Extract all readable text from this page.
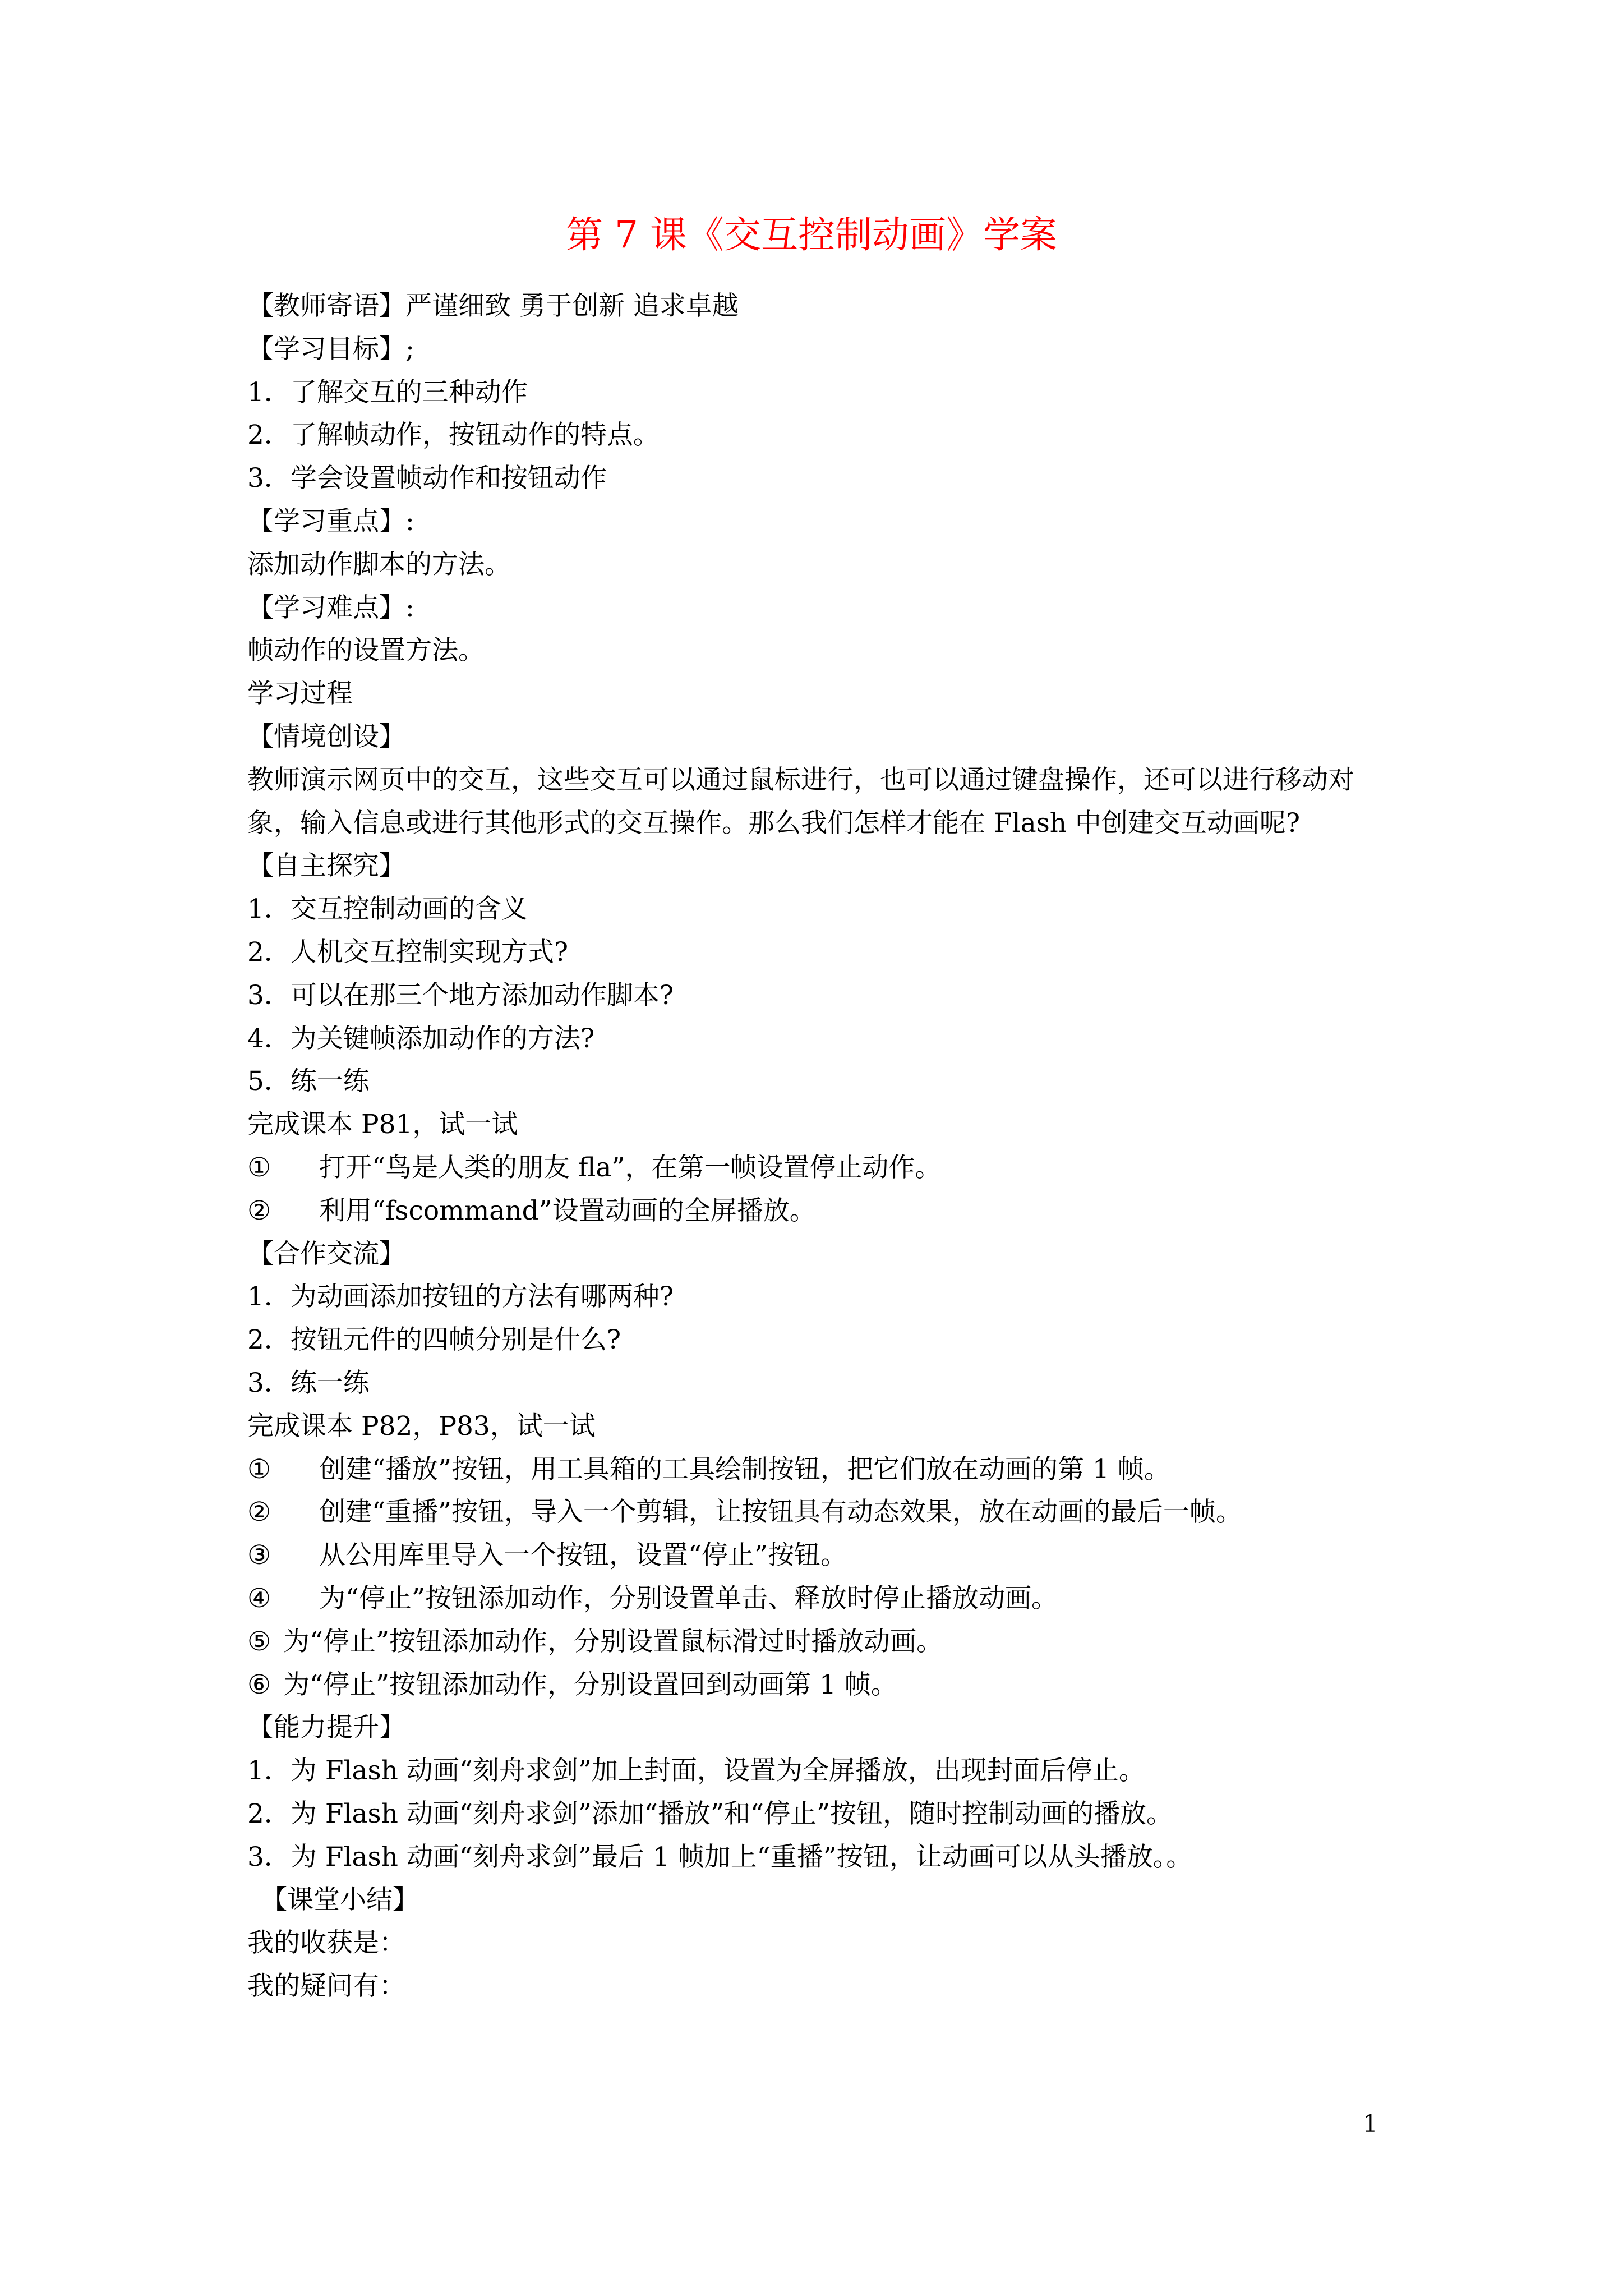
第 7 课《交互控制动画》学案
【教师寄语】严谨细致 勇于创新 追求卓越
【学习目标】;
1．了解交互的三种动作
2．了解帧动作，按钮动作的特点。
3．学会设置帧动作和按钮动作
【学习重点】:
添加动作脚本的方法。
【学习难点】:
帧动作的设置方法。
学习过程
【情境创设】
教师演示网页中的交互，这些交互可以通过鼠标进行，也可以通过键盘操作，还可以进行移动对象，输入信息或进行其他形式的交互操作。那么我们怎样才能在 Flash 中创建交互动画呢?
【自主探究】
1．交互控制动画的含义
2．人机交互控制实现方式?
3．可以在那三个地方添加动作脚本?
4．为关键帧添加动作的方法?
5．练一练
完成课本 P81，试一试
① 打开“鸟是人类的朋友 fla”，在第一帧设置停止动作。
② 利用“fscommand”设置动画的全屏播放。
【合作交流】
1．为动画添加按钮的方法有哪两种?
2．按钮元件的四帧分别是什么?
3．练一练
完成课本 P82，P83，试一试
① 创建“播放”按钮，用工具箱的工具绘制按钮，把它们放在动画的第 1 帧。
② 创建“重播”按钮，导入一个剪辑，让按钮具有动态效果，放在动画的最后一帧。
③ 从公用库里导入一个按钮，设置“停止”按钮。
④ 为“停止”按钮添加动作，分别设置单击、释放时停止播放动画。
⑤ 为“停止”按钮添加动作，分别设置鼠标滑过时播放动画。
⑥ 为“停止”按钮添加动作，分别设置回到动画第 1 帧。
【能力提升】
1．为 Flash 动画“刻舟求剑”加上封面，设置为全屏播放，出现封面后停止。
2．为 Flash 动画“刻舟求剑”添加“播放”和“停止”按钮，随时控制动画的播放。
3．为 Flash 动画“刻舟求剑”最后 1 帧加上“重播”按钮，让动画可以从头播放。。
【课堂小结】
我的收获是：
我的疑问有：
1
